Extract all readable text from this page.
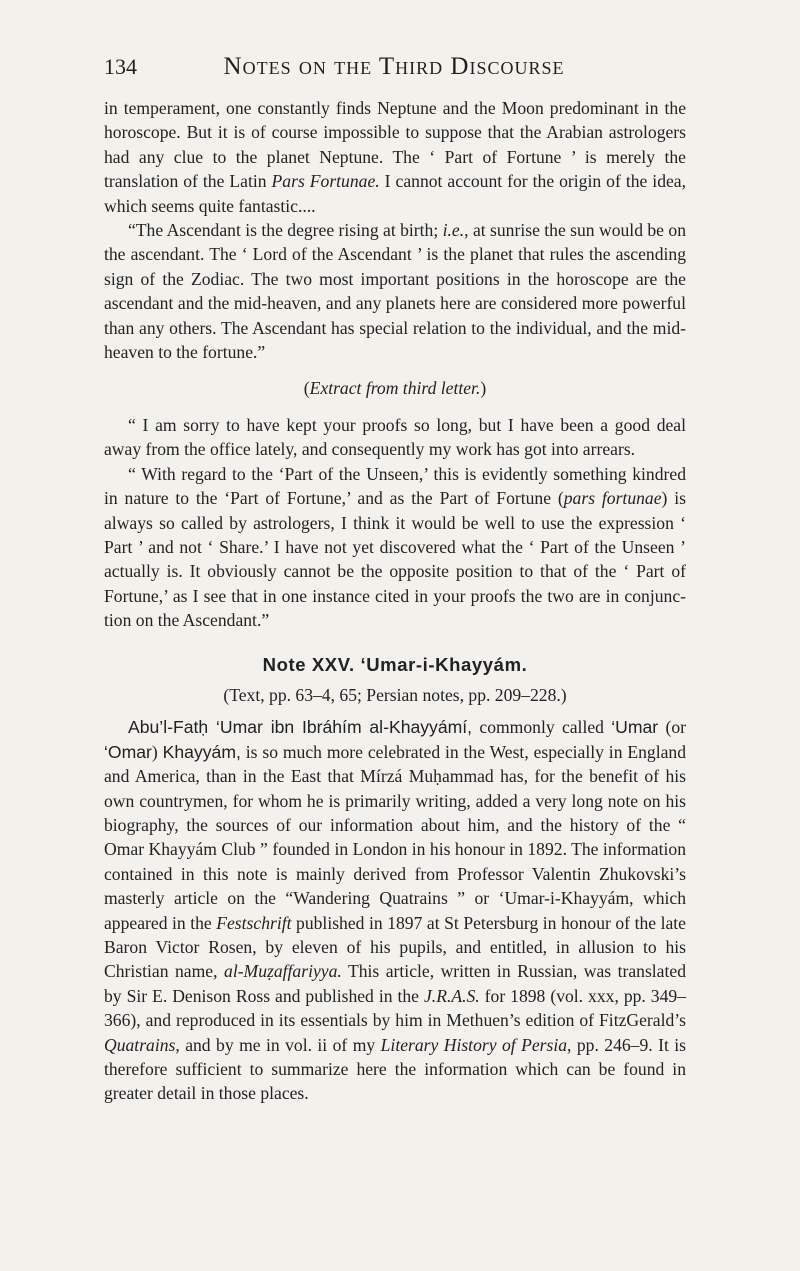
134	Notes on the Third Discourse

in temperament, one constantly finds Neptune and the Moon predominant in the horoscope. But it is of course impossible to suppose that the Arabian astrologers had any clue to the planet Neptune. The ‘ Part of Fortune ’ is merely the translation of the Latin Pars Fortunae. I cannot account for the origin of the idea, which seems quite fantastic....

“The Ascendant is the degree rising at birth; i.e., at sunrise the sun would be on the ascendant. The ‘ Lord of the Ascendant ’ is the planet that rules the ascending sign of the Zodiac. The two most important positions in the horoscope are the ascendant and the mid-heaven, and any planets here are considered more powerful than any others. The Ascendant has special relation to the individual, and the mid-heaven to the fortune.”

(Extract from third letter.)

“ I am sorry to have kept your proofs so long, but I have been a good deal away from the office lately, and consequently my work has got into arrears.

“ With regard to the ‘Part of the Unseen,’ this is evidently something kindred in nature to the ‘Part of Fortune,’ and as the Part of Fortune (pars fortunae) is always so called by astrologers, I think it would be well to use the expression ‘ Part ’ and not ‘ Share.’ I have not yet discovered what the ‘ Part of the Unseen ’ actually is. It obviously cannot be the opposite position to that of the ‘ Part of Fortune,’ as I see that in one instance cited in your proofs the two are in conjunction on the Ascendant.”

Note XXV. ‘Umar-i-Khayyám.

(Text, pp. 63–4, 65; Persian notes, pp. 209–228.)

Abu’l-Fatḥ ‘Umar ibn Ibráhím al-Khayyámí, commonly called ‘Umar (or ‘Omar) Khayyám, is so much more celebrated in the West, especially in England and America, than in the East that Mírzá Muḥammad has, for the benefit of his own countrymen, for whom he is primarily writing, added a very long note on his biography, the sources of our information about him, and the history of the “ Omar Khayyám Club ” founded in London in his honour in 1892. The information contained in this note is mainly derived from Professor Valentin Zhukovski’s masterly article on the “Wandering Quatrains ” or ‘Umar-i-Khayyám, which appeared in the Festschrift published in 1897 at St Petersburg in honour of the late Baron Victor Rosen, by eleven of his pupils, and entitled, in allusion to his Christian name, al-Muẓaffariyya. This article, written in Russian, was translated by Sir E. Denison Ross and published in the J.R.A.S. for 1898 (vol. xxx, pp. 349–366), and reproduced in its essentials by him in Methuen’s edition of FitzGerald’s Quatrains, and by me in vol. ii of my Literary History of Persia, pp. 246–9. It is therefore sufficient to summarize here the information which can be found in greater detail in those places.
